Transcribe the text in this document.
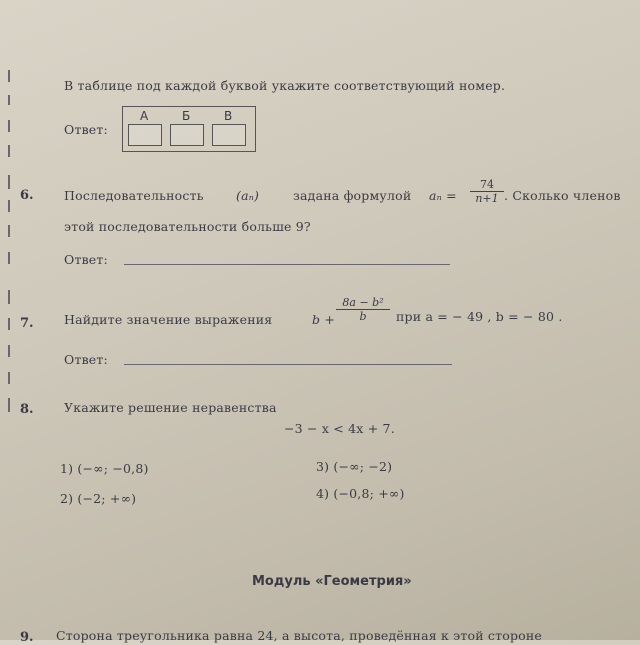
В таблице под каждой буквой укажите соответствующий номер.
Ответ:
А	Б	В
6. Последовательность	(aₙ)	задана формулой $a_n = \frac{74}{n+1}$ . Сколько членов
этой последовательности больше 9?
Ответ:
7. Найдите значение выражения	$b + \frac{\text{8a − b²}}{b}$ при a = − 49 , b = − 80 .
Ответ:
8. Укажите решение неравенства
−3 − x < 4x + 7.
1) (−∞; −0,8)
2) (−2; +∞)
3) (−∞; −2)
4) (−0,8; +∞)
Модуль «Геометрия»
9. Сторона треугольника равна 24, а высота, проведённая к этой стороне
